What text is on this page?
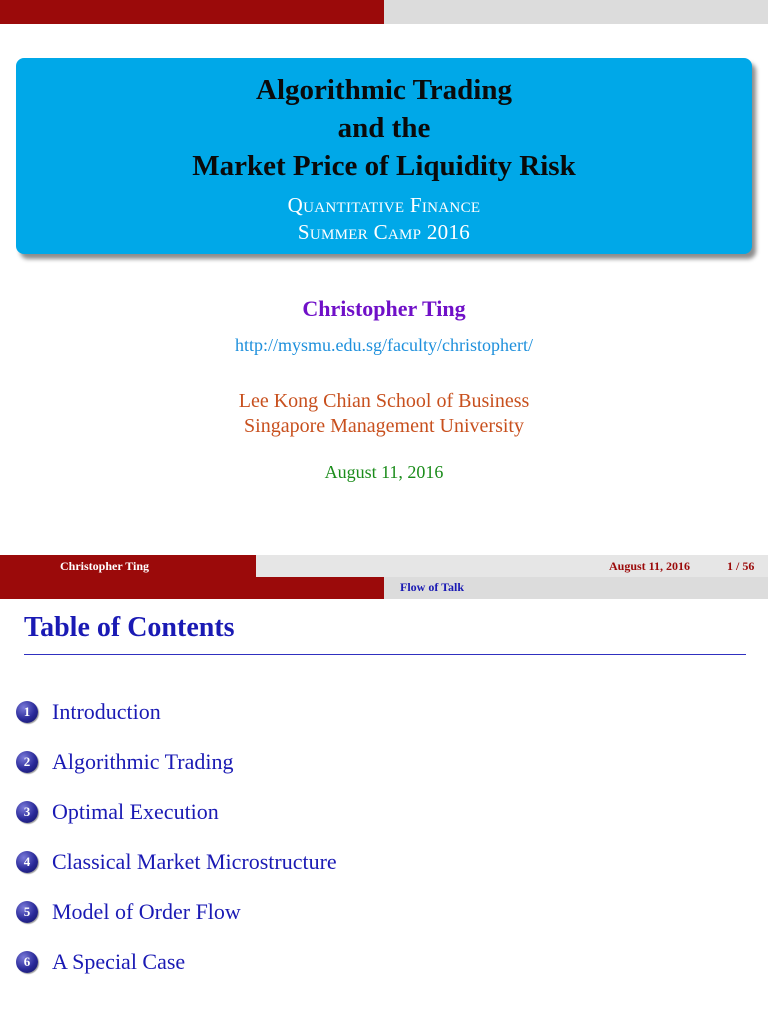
Algorithmic Trading
and the
Market Price of Liquidity Risk
Quantitative Finance
Summer Camp 2016
Christopher Ting
http://mysmu.edu.sg/faculty/christophert/
Lee Kong Chian School of Business
Singapore Management University
August 11, 2016
Christopher Ting	August 11, 2016	1 / 56
Flow of Talk
Table of Contents
1 Introduction
2 Algorithmic Trading
3 Optimal Execution
4 Classical Market Microstructure
5 Model of Order Flow
6 A Special Case
